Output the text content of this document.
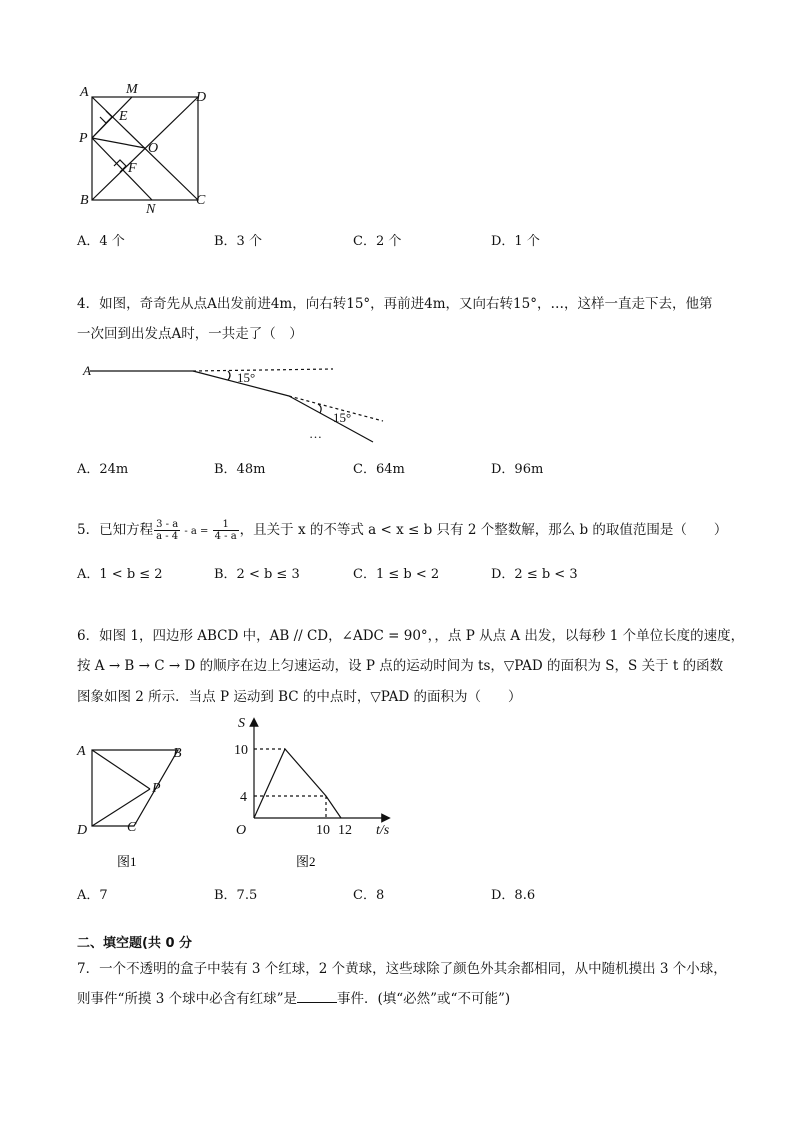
A	M
D
E
P
O
F
B
N
C
A．4 个	B．3 个	C．2 个	D．1 个
4．如图，奇奇先从点A出发前进4m，向右转15°，再前进4m，又向右转15°，…，这样一直走下去，他第
一次回到出发点A时，一共走了（　）
A	15°
15°
…
A．24m	B．48m	C．64m	D．96m
5．已知方程 $\frac{3 - a}{a - 4} - a = \frac{1}{4 - a}$ ，且关于 x 的不等式 a < x ≤ b 只有 2 个整数解，那么 b 的取值范围是（　　）
A．1 < b ≤ 2	B．2 < b ≤ 3	C．1 ≤ b < 2	D．2 ≤ b < 3
6．如图 1，四边形 ABCD 中，AB // CD，∠ADC = 90°，，点 P 从点 A 出发，以每秒 1 个单位长度的速度，
按 A → B → C → D 的顺序在边上匀速运动，设 P 点的运动时间为 ts，▽PAD 的面积为 S，S 关于 t 的函数
图象如图 2 所示．当点 P 运动到 BC 的中点时，▽PAD 的面积为（　　）
A	B
P
D	C
图1
S
10
4
O	10 12 t/s
图2
A．7	B．7.5	C．8	D．8.6
二、填空题(共 0 分
7．一个不透明的盒子中装有 3 个红球，2 个黄球，这些球除了颜色外其余都相同，从中随机摸出 3 个小球，
则事件“所摸 3 个球中必含有红球”是	事件．(填“必然”或“不可能”)
